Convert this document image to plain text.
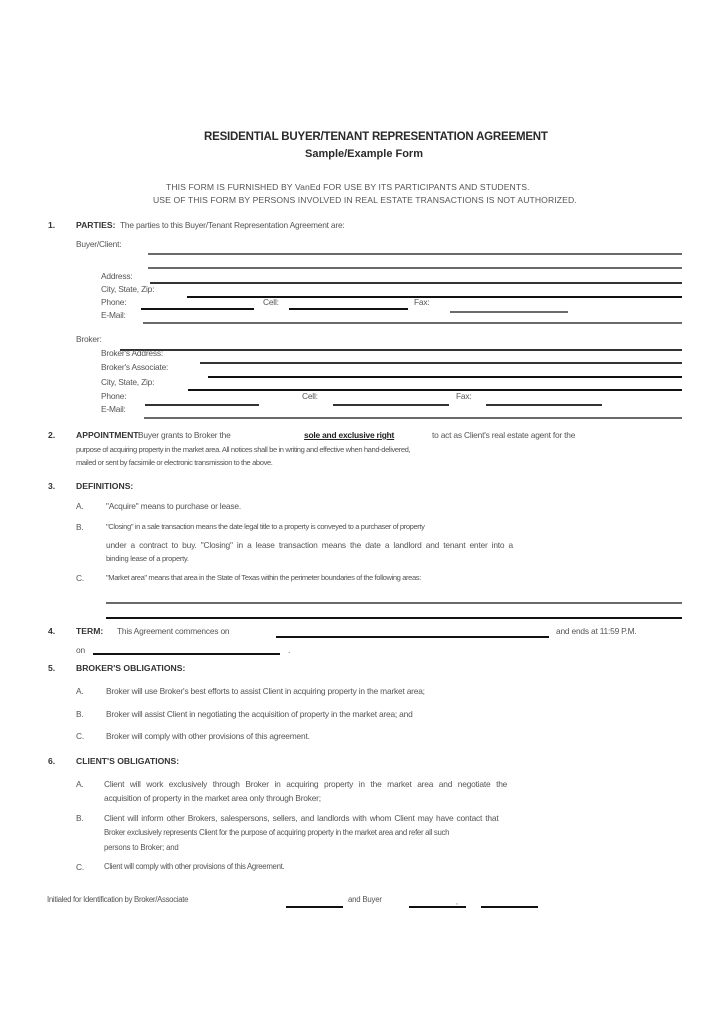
RESIDENTIAL BUYER/TENANT REPRESENTATION AGREEMENT
Sample/Example Form
THIS FORM IS FURNISHED BY VanEd FOR USE BY ITS PARTICIPANTS AND STUDENTS.
USE OF THIS FORM BY PERSONS INVOLVED IN REAL ESTATE TRANSACTIONS IS NOT AUTHORIZED.
1. PARTIES: The parties to this Buyer/Tenant Representation Agreement are:
Buyer/Client:
Address:
City, State, Zip:
Phone:	Cell:	Fax:
E-Mail:
Broker:
Broker's Address:
Broker's Associate:
City, State, Zip:
Phone:	Cell:	Fax:
E-Mail:
2. APPOINTMENT:
Buyer grants to Broker the	sole and exclusive right	to act as Client's real estate agent for the
purpose of acquiring property in the market area. All notices shall be in writing and effective when hand-delivered,
mailed or sent by facsimile or electronic transmission to the above.
3. DEFINITIONS:
A.	"Acquire" means to purchase or lease.
B.	"Closing" in a sale transaction means the date legal title to a property is conveyed to a purchaser of property
under a contract to buy. "Closing" in a lease transaction means the date a landlord and tenant enter into a
binding lease of a property.
C.	"Market area" means that area in the State of Texas within the perimeter boundaries of the following areas:
4. TERM: This Agreement commences on	and ends at 11:59 P.M.
on	.
5. BROKER'S OBLIGATIONS:
A.	Broker will use Broker's best efforts to assist Client in acquiring property in the market area;
B.	Broker will assist Client in negotiating the acquisition of property in the market area; and
C.	Broker will comply with other provisions of this agreement.
6. CLIENT'S OBLIGATIONS:
A. Client will work exclusively through Broker in acquiring property in the market area and negotiate the
acquisition of property in the market area only through Broker;
B. Client will inform other Brokers, salespersons, sellers, and landlords with whom Client may have contact that
Broker exclusively represents Client for the purpose of acquiring property in the market area and refer all such
persons to Broker; and
C.	Client will comply with other provisions of this Agreement.
Initialed for Identification by Broker/Associate	and Buyer	,
